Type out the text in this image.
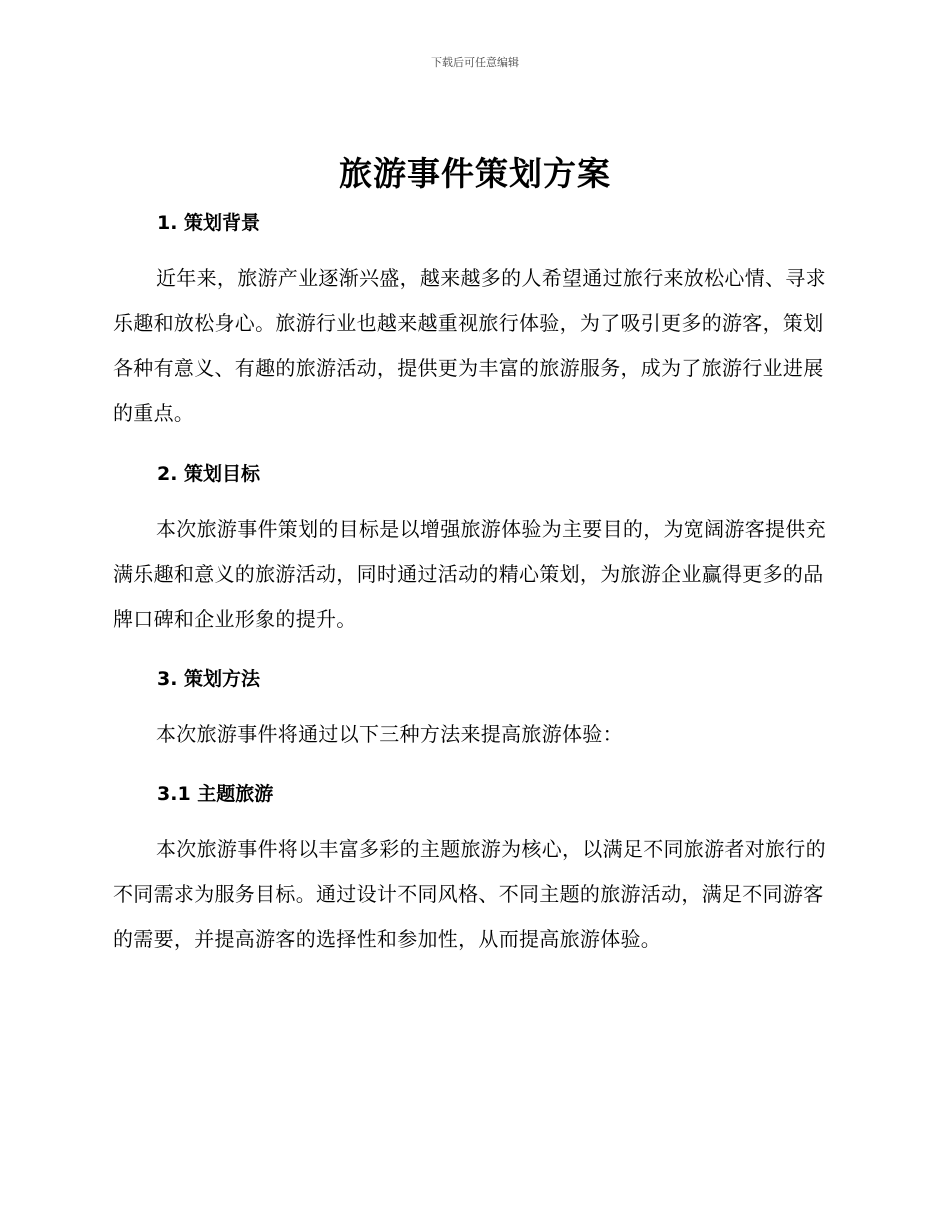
下载后可任意编辑
旅游事件策划方案
1. 策划背景

近年来，旅游产业逐渐兴盛，越来越多的人希望通过旅行来放松心情、寻求乐趣和放松身心。旅游行业也越来越重视旅行体验，为了吸引更多的游客，策划各种有意义、有趣的旅游活动，提供更为丰富的旅游服务，成为了旅游行业进展的重点。

2. 策划目标

本次旅游事件策划的目标是以增强旅游体验为主要目的，为宽阔游客提供充满乐趣和意义的旅游活动，同时通过活动的精心策划，为旅游企业赢得更多的品牌口碑和企业形象的提升。

3. 策划方法

本次旅游事件将通过以下三种方法来提高旅游体验：

3.1 主题旅游

本次旅游事件将以丰富多彩的主题旅游为核心，以满足不同旅游者对旅行的不同需求为服务目标。通过设计不同风格、不同主题的旅游活动，满足不同游客的需要，并提高游客的选择性和参加性，从而提高旅游体验。
